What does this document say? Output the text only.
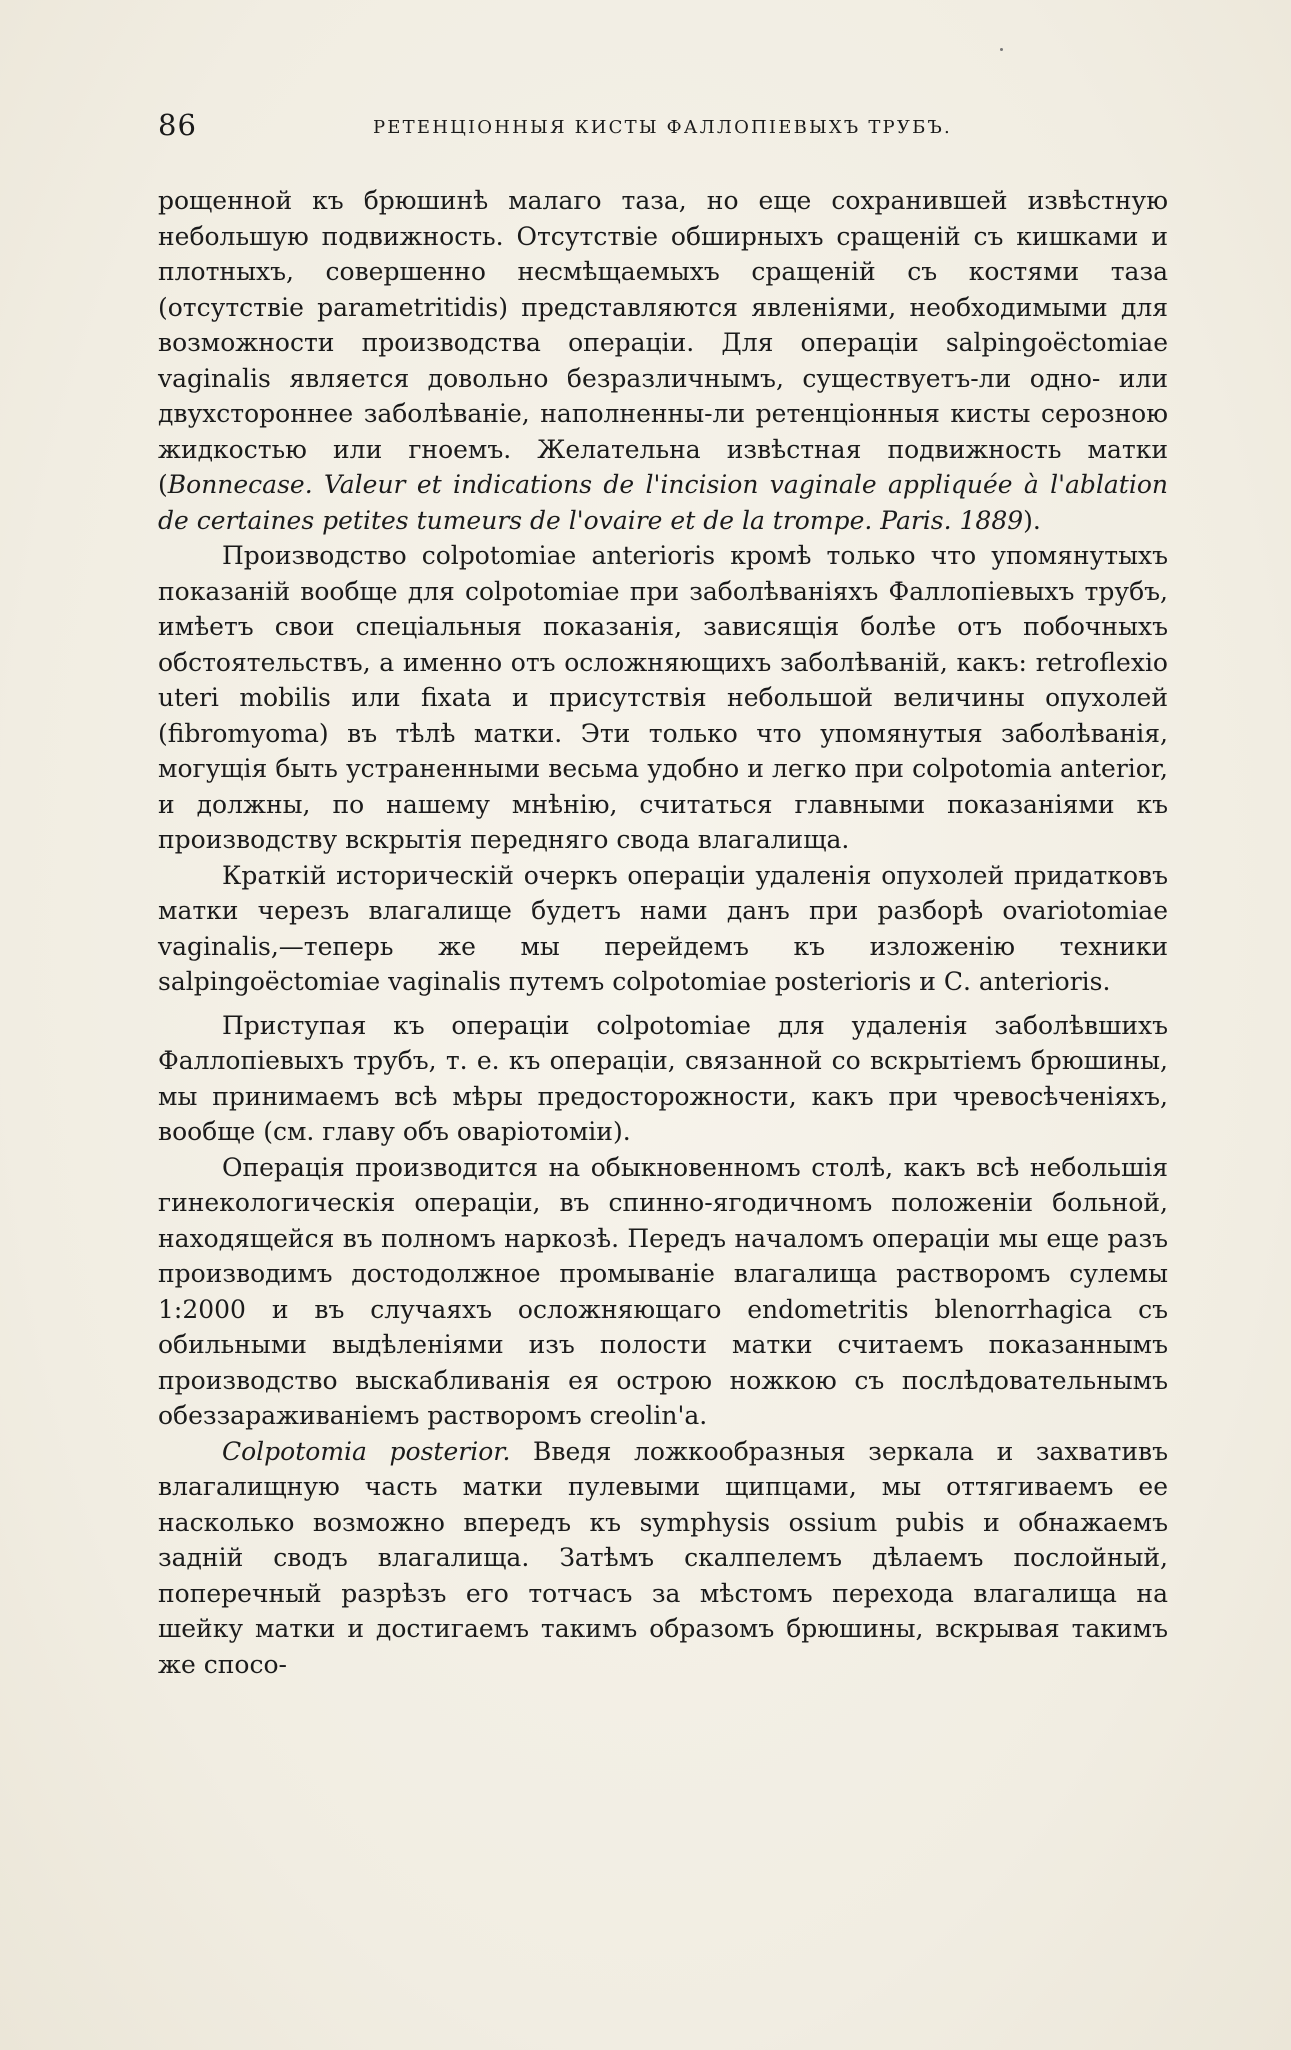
86	РЕТЕНЦІОННЫЯ КИСТЫ ФАЛЛОПІЕВЫХЪ ТРУБЪ.

рощенной къ брюшинѣ малаго таза, но еще сохранившей извѣстную небольшую подвижность. Отсутствіе обширныхъ сращеній съ кишками и плотныхъ, совершенно несмѣщаемыхъ сращеній съ костями таза (отсутствіе parametritidis) представляются явленіями, необходимыми для возможности производства операціи. Для операціи salpingoëctomiae vaginalis является довольно безразличнымъ, существуетъ-ли одно- или двухстороннее заболѣваніе, наполненны-ли ретенціонныя кисты серозною жидкостью или гноемъ. Желательна извѣстная подвижность матки (Bonnecase. Valeur et indications de l'incision vaginale appliquée à l'ablation de certaines petites tumeurs de l'ovaire et de la trompe. Paris. 1889).

Производство colpotomiae anterioris кромѣ только что упомянутыхъ показаній вообще для colpotomiae при заболѣваніяхъ Фаллопіевыхъ трубъ, имѣетъ свои спеціальныя показанія, зависящія болѣе отъ побочныхъ обстоятельствъ, а именно отъ осложняющихъ заболѣваній, какъ: retroflexio uteri mobilis или fixata и присутствія небольшой величины опухолей (fibromyoma) въ тѣлѣ матки. Эти только что упомянутыя заболѣванія, могущія быть устраненными весьма удобно и легко при colpotomia anterior, и должны, по нашему мнѣнію, считаться главными показаніями къ производству вскрытія передняго свода влагалища.

Краткій историческій очеркъ операціи удаленія опухолей придатковъ матки черезъ влагалище будетъ нами данъ при разборѣ ovariotomiae vaginalis,—теперь же мы перейдемъ къ изложенію техники salpingoëctomiae vaginalis путемъ colpotomiae posterioris и С. anterioris.

Приступая къ операціи colpotomiae для удаленія заболѣвшихъ Фаллопіевыхъ трубъ, т. е. къ операціи, связанной со вскрытіемъ брюшины, мы принимаемъ всѣ мѣры предосторожности, какъ при чревосѣченіяхъ, вообще (см. главу объ оваріотоміи).

Операція производится на обыкновенномъ столѣ, какъ всѣ небольшія гинекологическія операціи, въ спинно-ягодичномъ положеніи больной, находящейся въ полномъ наркозѣ. Передъ началомъ операціи мы еще разъ производимъ достодолжное промываніе влагалища растворомъ сулемы 1:2000 и въ случаяхъ осложняющаго endometritis blenorrhagica съ обильными выдѣленіями изъ полости матки считаемъ показаннымъ производство выскабливанія ея острою ножкою съ послѣдовательнымъ обеззараживаніемъ растворомъ creolin'а.

Colpotomia posterior. Введя ложкообразныя зеркала и захвативъ влагалищную часть матки пулевыми щипцами, мы оттягиваемъ ее насколько возможно впередъ къ symphysis ossium pubis и обнажаемъ задній сводъ влагалища. Затѣмъ скалпелемъ дѣлаемъ послойный, поперечный разрѣзъ его тотчасъ за мѣстомъ перехода влагалища на шейку матки и достигаемъ такимъ образомъ брюшины, вскрывая такимъ же спосо-
